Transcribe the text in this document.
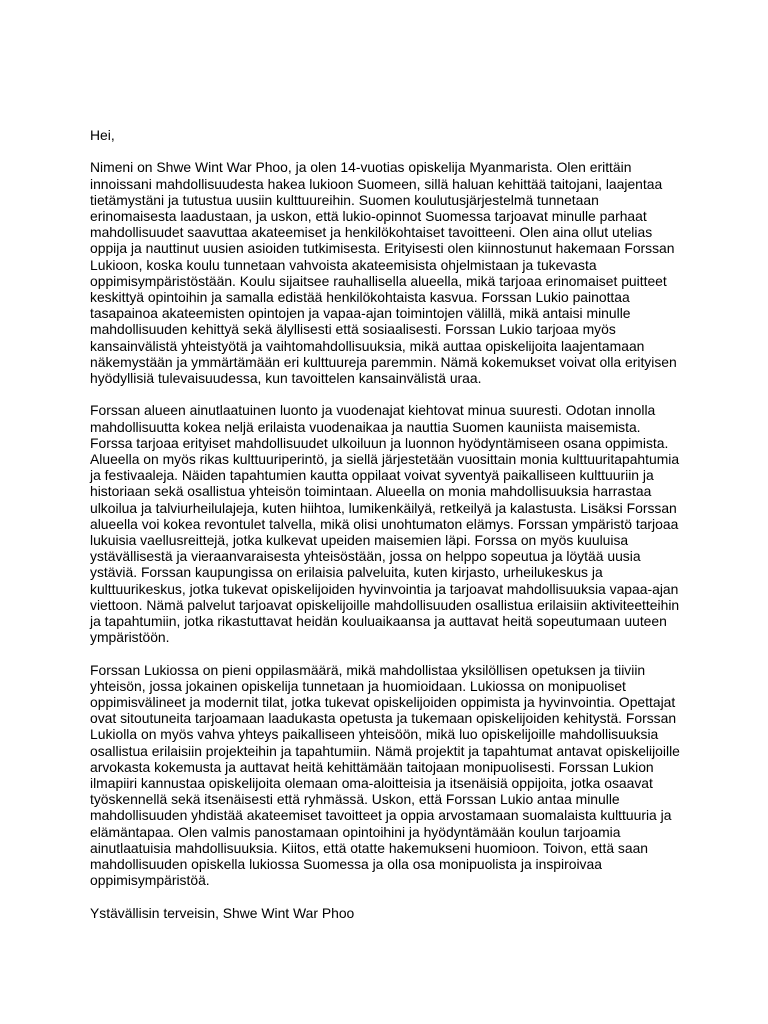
Hei,
Nimeni on Shwe Wint War Phoo, ja olen 14-vuotias opiskelija Myanmarista. Olen erittäin
innoissani mahdollisuudesta hakea lukioon Suomeen, sillä haluan kehittää taitojani, laajentaa
tietämystäni ja tutustua uusiin kulttuureihin. Suomen koulutusjärjestelmä tunnetaan
erinomaisesta laadustaan, ja uskon, että lukio-opinnot Suomessa tarjoavat minulle parhaat
mahdollisuudet saavuttaa akateemiset ja henkilökohtaiset tavoitteeni. Olen aina ollut utelias
oppija ja nauttinut uusien asioiden tutkimisesta. Erityisesti olen kiinnostunut hakemaan Forssan
Lukioon, koska koulu tunnetaan vahvoista akateemisista ohjelmistaan ja tukevasta
oppimisympäristöstään. Koulu sijaitsee rauhallisella alueella, mikä tarjoaa erinomaiset puitteet
keskittyä opintoihin ja samalla edistää henkilökohtaista kasvua. Forssan Lukio painottaa
tasapainoa akateemisten opintojen ja vapaa-ajan toimintojen välillä, mikä antaisi minulle
mahdollisuuden kehittyä sekä älyllisesti että sosiaalisesti. Forssan Lukio tarjoaa myös
kansainvälistä yhteistyötä ja vaihtomahdollisuuksia, mikä auttaa opiskelijoita laajentamaan
näkemystään ja ymmärtämään eri kulttuureja paremmin. Nämä kokemukset voivat olla erityisen
hyödyllisiä tulevaisuudessa, kun tavoittelen kansainvälistä uraa.
Forssan alueen ainutlaatuinen luonto ja vuodenajat kiehtovat minua suuresti. Odotan innolla
mahdollisuutta kokea neljä erilaista vuodenaikaa ja nauttia Suomen kauniista maisemista.
Forssa tarjoaa erityiset mahdollisuudet ulkoiluun ja luonnon hyödyntämiseen osana oppimista.
Alueella on myös rikas kulttuuriperintö, ja siellä järjestetään vuosittain monia kulttuuritapahtumia
ja festivaaleja. Näiden tapahtumien kautta oppilaat voivat syventyä paikalliseen kulttuuriin ja
historiaan sekä osallistua yhteisön toimintaan. Alueella on monia mahdollisuuksia harrastaa
ulkoilua ja talviurheilulajeja, kuten hiihtoa, lumikenkäilyä, retkeilyä ja kalastusta. Lisäksi Forssan
alueella voi kokea revontulet talvella, mikä olisi unohtumaton elämys. Forssan ympäristö tarjoaa
lukuisia vaellusreittejä, jotka kulkevat upeiden maisemien läpi. Forssa on myös kuuluisa
ystävällisestä ja vieraanvaraisesta yhteisöstään, jossa on helppo sopeutua ja löytää uusia
ystäviä. Forssan kaupungissa on erilaisia palveluita, kuten kirjasto, urheilukeskus ja
kulttuurikeskus, jotka tukevat opiskelijoiden hyvinvointia ja tarjoavat mahdollisuuksia vapaa-ajan
viettoon. Nämä palvelut tarjoavat opiskelijoille mahdollisuuden osallistua erilaisiin aktiviteetteihin
ja tapahtumiin, jotka rikastuttavat heidän kouluaikaansa ja auttavat heitä sopeutumaan uuteen
ympäristöön.
Forssan Lukiossa on pieni oppilasmäärä, mikä mahdollistaa yksilöllisen opetuksen ja tiiviin
yhteisön, jossa jokainen opiskelija tunnetaan ja huomioidaan. Lukiossa on monipuoliset
oppimisvälineet ja modernit tilat, jotka tukevat opiskelijoiden oppimista ja hyvinvointia. Opettajat
ovat sitoutuneita tarjoamaan laadukasta opetusta ja tukemaan opiskelijoiden kehitystä. Forssan
Lukiolla on myös vahva yhteys paikalliseen yhteisöön, mikä luo opiskelijoille mahdollisuuksia
osallistua erilaisiin projekteihin ja tapahtumiin. Nämä projektit ja tapahtumat antavat opiskelijoille
arvokasta kokemusta ja auttavat heitä kehittämään taitojaan monipuolisesti. Forssan Lukion
ilmapiiri kannustaa opiskelijoita olemaan oma-aloitteisia ja itsenäisiä oppijoita, jotka osaavat
työskennellä sekä itsenäisesti että ryhmässä. Uskon, että Forssan Lukio antaa minulle
mahdollisuuden yhdistää akateemiset tavoitteet ja oppia arvostamaan suomalaista kulttuuria ja
elämäntapaa. Olen valmis panostamaan opintoihini ja hyödyntämään koulun tarjoamia
ainutlaatuisia mahdollisuuksia. Kiitos, että otatte hakemukseni huomioon. Toivon, että saan
mahdollisuuden opiskella lukiossa Suomessa ja olla osa monipuolista ja inspiroivaa
oppimisympäristöä.
Ystävällisin terveisin, Shwe Wint War Phoo
